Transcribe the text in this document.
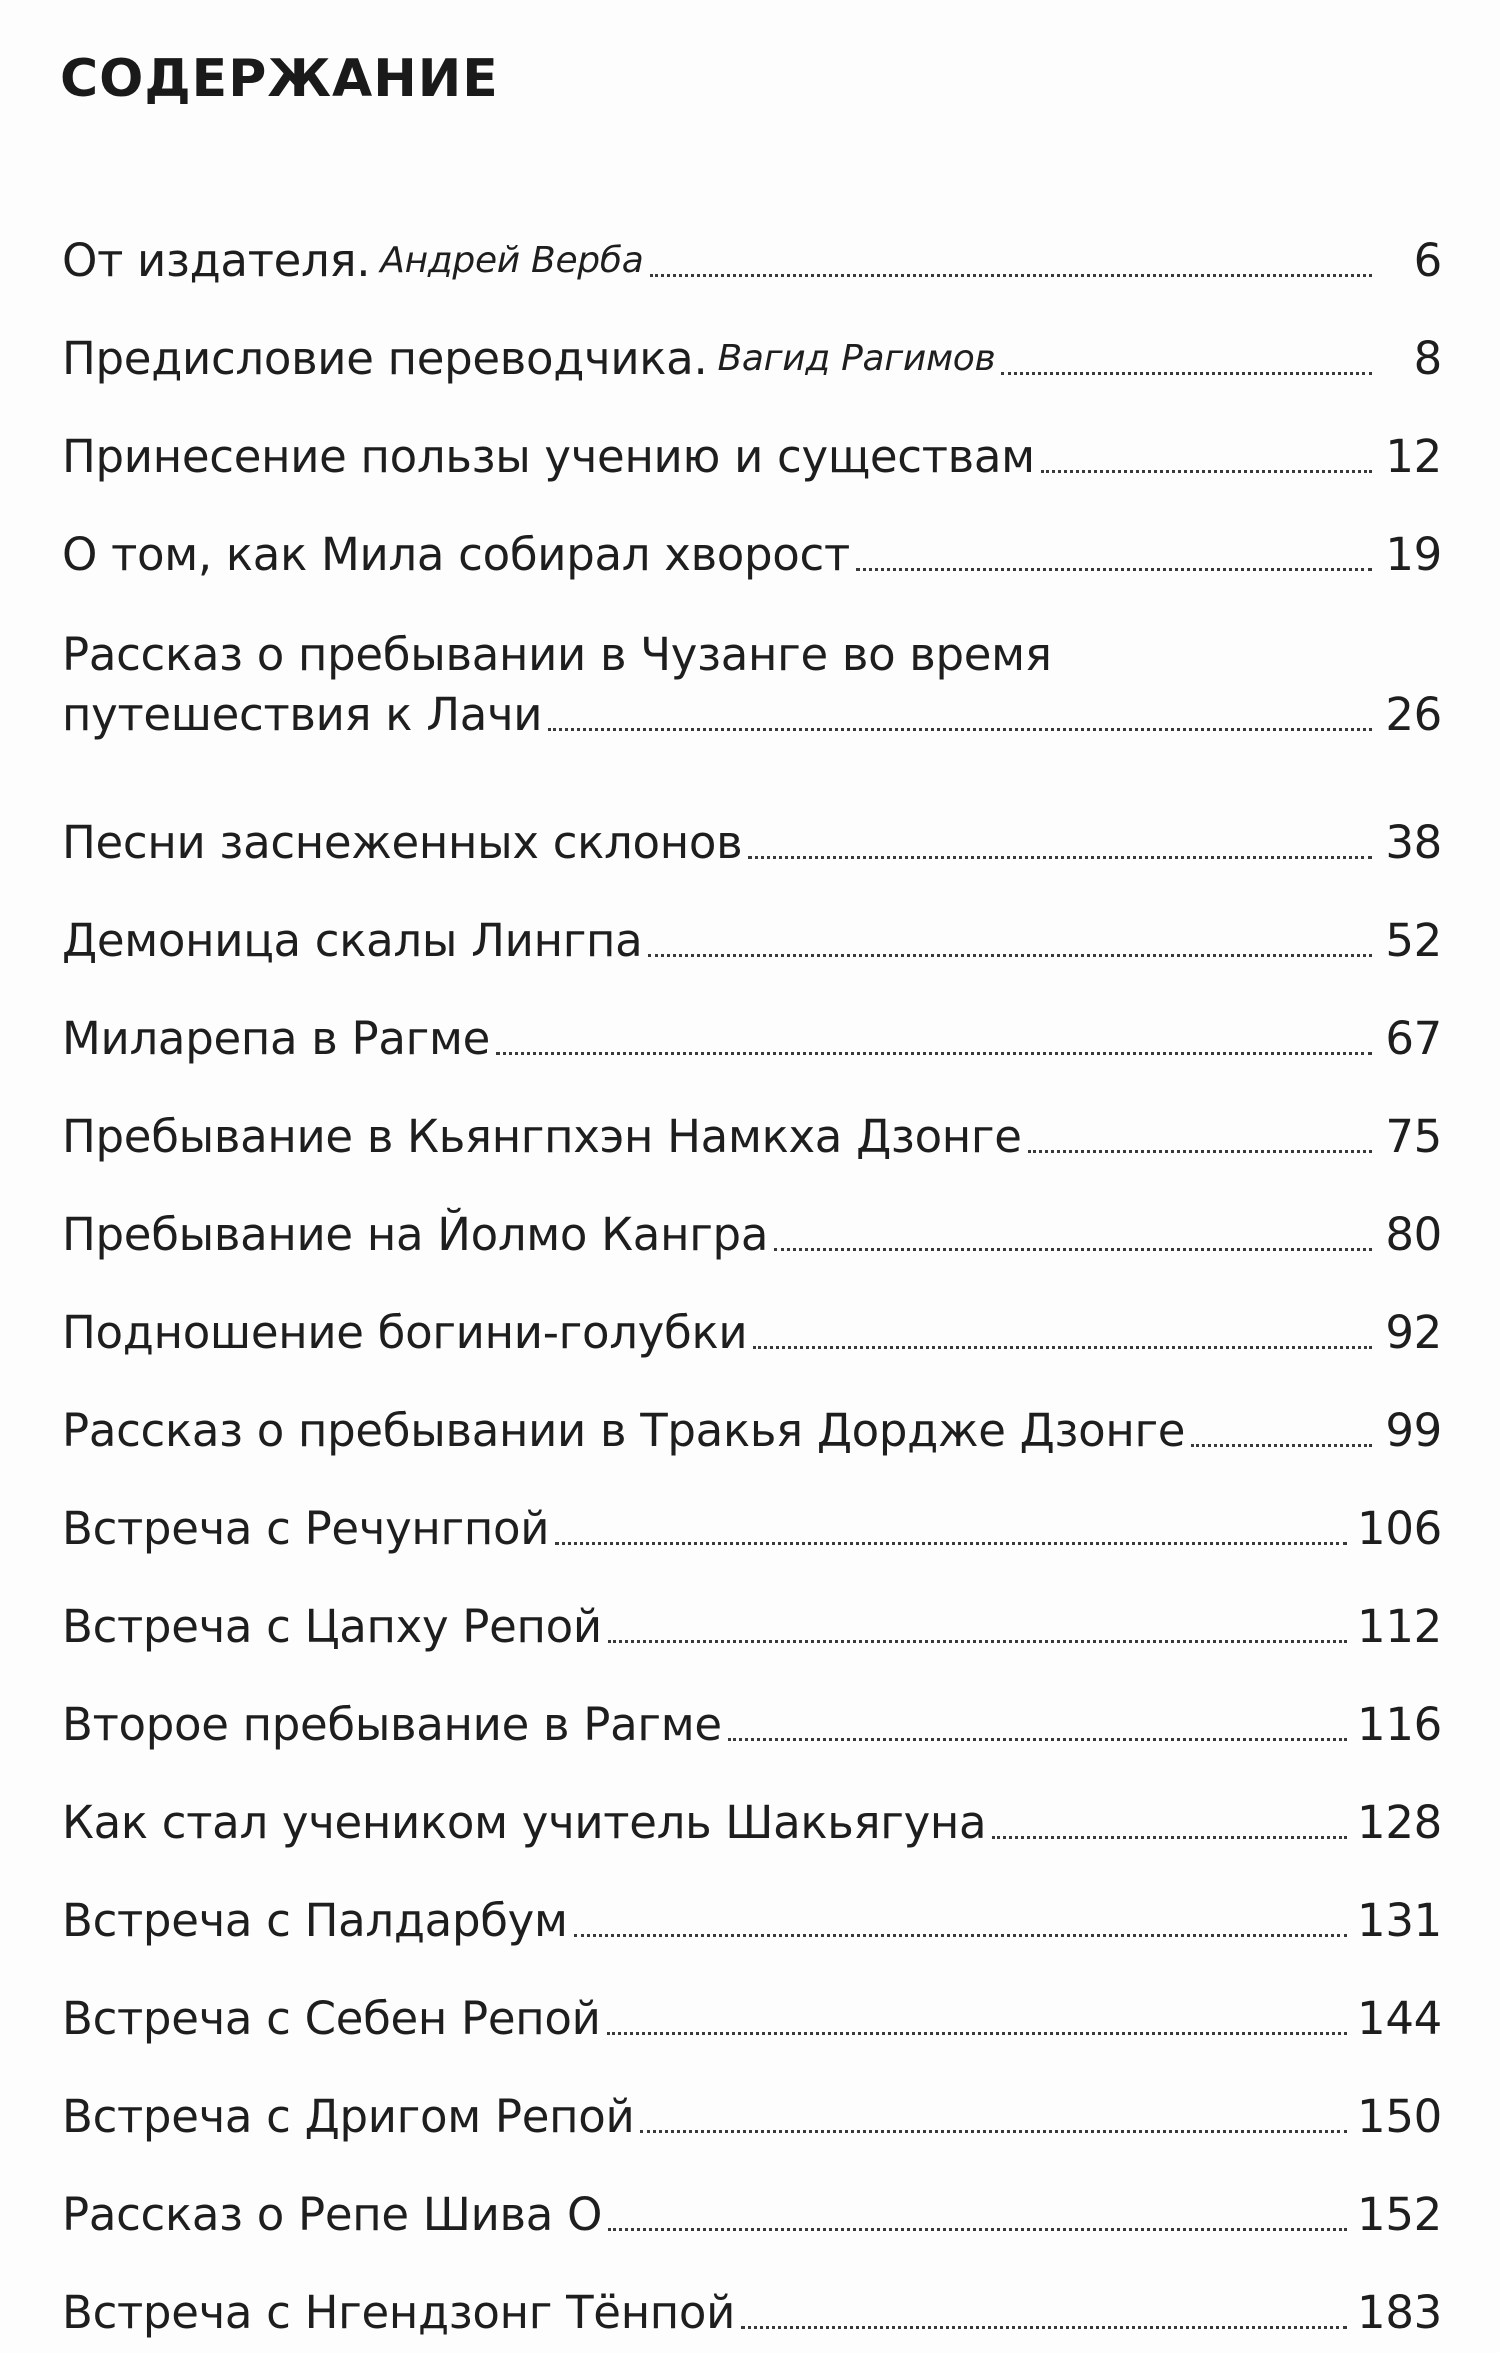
СОДЕРЖАНИЕ
От издателя. Андрей Верба	6
Предисловие переводчика. Вагид Рагимов	8
Принесение пользы учению и существам	12
О том, как Мила собирал хворост	19
Рассказ о пребывании в Чузанге во время
путешествия к Лачи	26
Песни заснеженных склонов	38
Демоница скалы Лингпа	52
Миларепа в Рагме	67
Пребывание в Кьянгпхэн Намкха Дзонге	75
Пребывание на Йолмо Кангра	80
Подношение богини-голубки	92
Рассказ о пребывании в Тракья Дордже Дзонге	99
Встреча с Речунгпой	106
Встреча с Цапху Репой	112
Второе пребывание в Рагме	116
Как стал учеником учитель Шакьягуна	128
Встреча с Палдарбум	131
Встреча с Себен Репой	144
Встреча с Дригом Репой	150
Рассказ о Репе Шива О	152
Встреча с Нгендзонг Тёнпой	183
